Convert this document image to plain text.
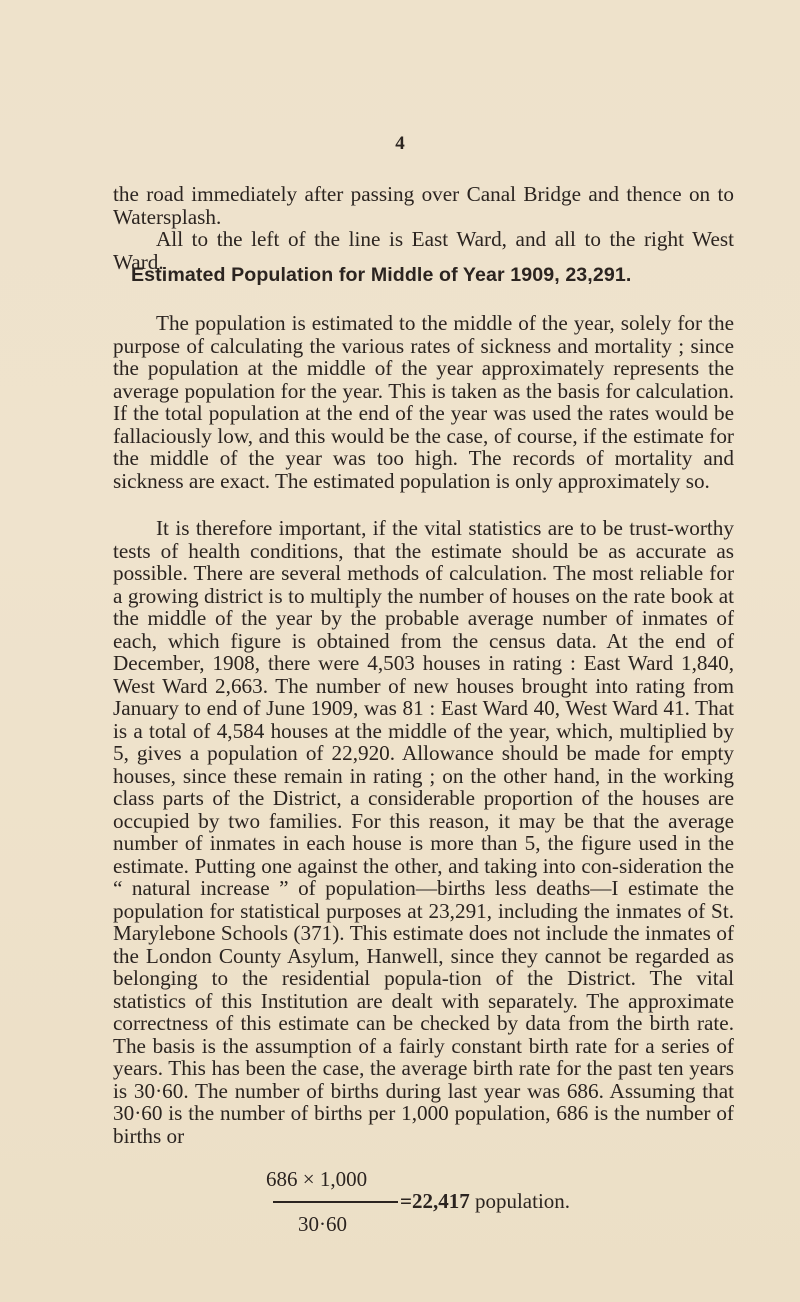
4

the road immediately after passing over Canal Bridge and thence on to Watersplash.

All to the left of the line is East Ward, and all to the right West Ward.

Estimated Population for Middle of Year 1909, 23,291.

The population is estimated to the middle of the year, solely for the purpose of calculating the various rates of sickness and mortality ; since the population at the middle of the year approximately represents the average population for the year. This is taken as the basis for calculation. If the total population at the end of the year was used the rates would be fallaciously low, and this would be the case, of course, if the estimate for the middle of the year was too high. The records of mortality and sickness are exact. The estimated population is only approximately so.

It is therefore important, if the vital statistics are to be trust-worthy tests of health conditions, that the estimate should be as accurate as possible. There are several methods of calculation. The most reliable for a growing district is to multiply the number of houses on the rate book at the middle of the year by the probable average number of inmates of each, which figure is obtained from the census data. At the end of December, 1908, there were 4,503 houses in rating : East Ward 1,840, West Ward 2,663. The number of new houses brought into rating from January to end of June 1909, was 81 : East Ward 40, West Ward 41. That is a total of 4,584 houses at the middle of the year, which, multiplied by 5, gives a population of 22,920. Allowance should be made for empty houses, since these remain in rating ; on the other hand, in the working class parts of the District, a considerable proportion of the houses are occupied by two families. For this reason, it may be that the average number of inmates in each house is more than 5, the figure used in the estimate. Putting one against the other, and taking into con-sideration the “ natural increase ” of population—births less deaths—I estimate the population for statistical purposes at 23,291, including the inmates of St. Marylebone Schools (371). This estimate does not include the inmates of the London County Asylum, Hanwell, since they cannot be regarded as belonging to the residential popula-tion of the District. The vital statistics of this Institution are dealt with separately. The approximate correctness of this estimate can be checked by data from the birth rate. The basis is the assumption of a fairly constant birth rate for a series of years. This has been the case, the average birth rate for the past ten years is 30·60. The number of births during last year was 686. Assuming that 30·60 is the number of births per 1,000 population, 686 is the number of births or

686 × 1,000
=22,417 population.
30·60
